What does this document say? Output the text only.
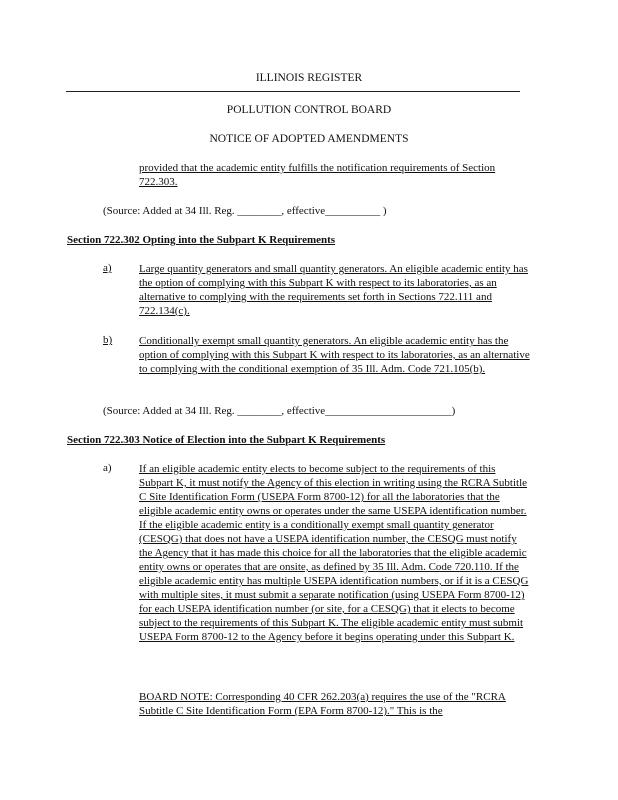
ILLINOIS REGISTER
POLLUTION CONTROL BOARD
NOTICE OF ADOPTED AMENDMENTS
provided that the academic entity fulfills the notification requirements of Section 722.303.
(Source: Added at 34 Ill. Reg. ________, effective__________ )
Section 722.302 Opting into the Subpart K Requirements
a) Large quantity generators and small quantity generators. An eligible academic entity has the option of complying with this Subpart K with respect to its laboratories, as an alternative to complying with the requirements set forth in Sections 722.111 and 722.134(c).
b) Conditionally exempt small quantity generators. An eligible academic entity has the option of complying with this Subpart K with respect to its laboratories, as an alternative to complying with the conditional exemption of 35 Ill. Adm. Code 721.105(b).
(Source: Added at 34 Ill. Reg. ________, effective_______________________)
Section 722.303 Notice of Election into the Subpart K Requirements
a) If an eligible academic entity elects to become subject to the requirements of this Subpart K, it must notify the Agency of this election in writing using the RCRA Subtitle C Site Identification Form (USEPA Form 8700-12) for all the laboratories that the eligible academic entity owns or operates under the same USEPA identification number. If the eligible academic entity is a conditionally exempt small quantity generator (CESQG) that does not have a USEPA identification number, the CESQG must notify the Agency that it has made this choice for all the laboratories that the eligible academic entity owns or operates that are onsite, as defined by 35 Ill. Adm. Code 720.110. If the eligible academic entity has multiple USEPA identification numbers, or if it is a CESQG with multiple sites, it must submit a separate notification (using USEPA Form 8700-12) for each USEPA identification number (or site, for a CESQG) that it elects to become subject to the requirements of this Subpart K. The eligible academic entity must submit USEPA Form 8700-12 to the Agency before it begins operating under this Subpart K.
BOARD NOTE: Corresponding 40 CFR 262.203(a) requires the use of the "RCRA Subtitle C Site Identification Form (EPA Form 8700-12)." This is the
